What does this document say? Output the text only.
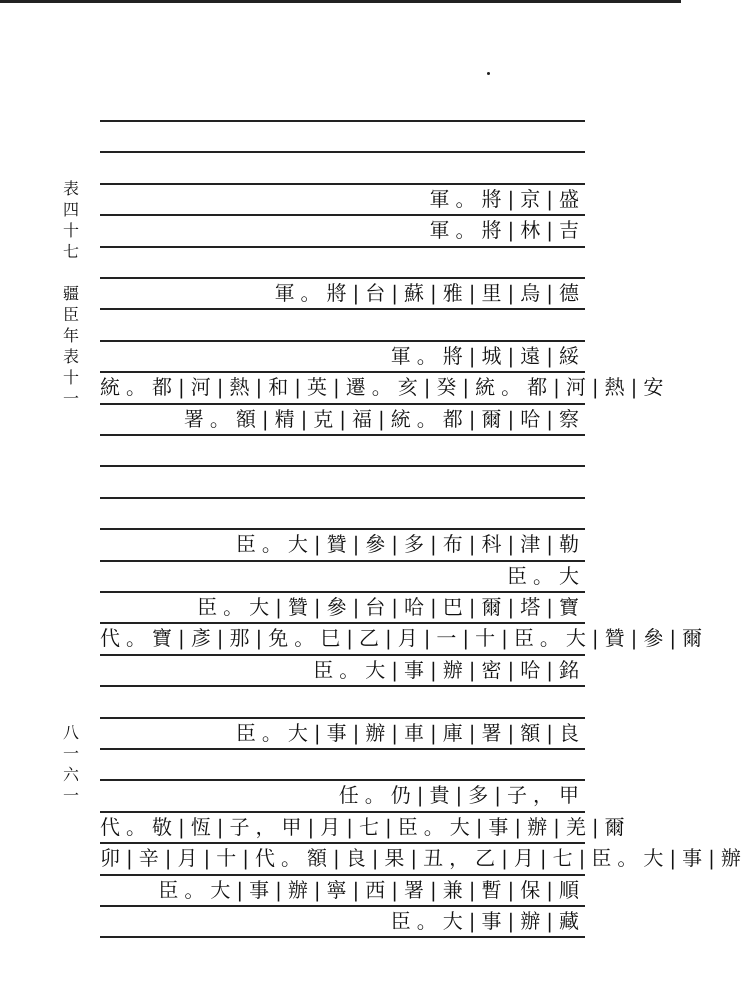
表
四
十
七
疆
臣
年
表
十
一
八
一
六
一
軍。將|京|盛
軍。將|林|吉
軍。將|台|蘇|雅|里|烏|德
軍。將|城|遠|綏
統。都|河|熱|和|英|遷。亥|癸|統。都|河|熱|安
署。額|精|克|福|統。都|爾|哈|察
臣。大|贊|參|多|布|科|津|勒
臣。大
臣。大|贊|參|台|哈|巴|爾|塔|寶
代。寶|彥|那|免。巳|乙|月|一|十|臣。大|贊|參|爾
臣。大|事|辦|密|哈|銘
臣。大|事|辦|車|庫|署|額|良
任。仍|貴|多|子，甲
代。敬|恆|子，甲|月|七|臣。大|事|辦|羌|爾
卯|辛|月|十|代。額|良|果|丑，乙|月|七|臣。大|事|辦
臣。大|事|辦|寧|西|署|兼|暫|保|順
臣。大|事|辦|藏
